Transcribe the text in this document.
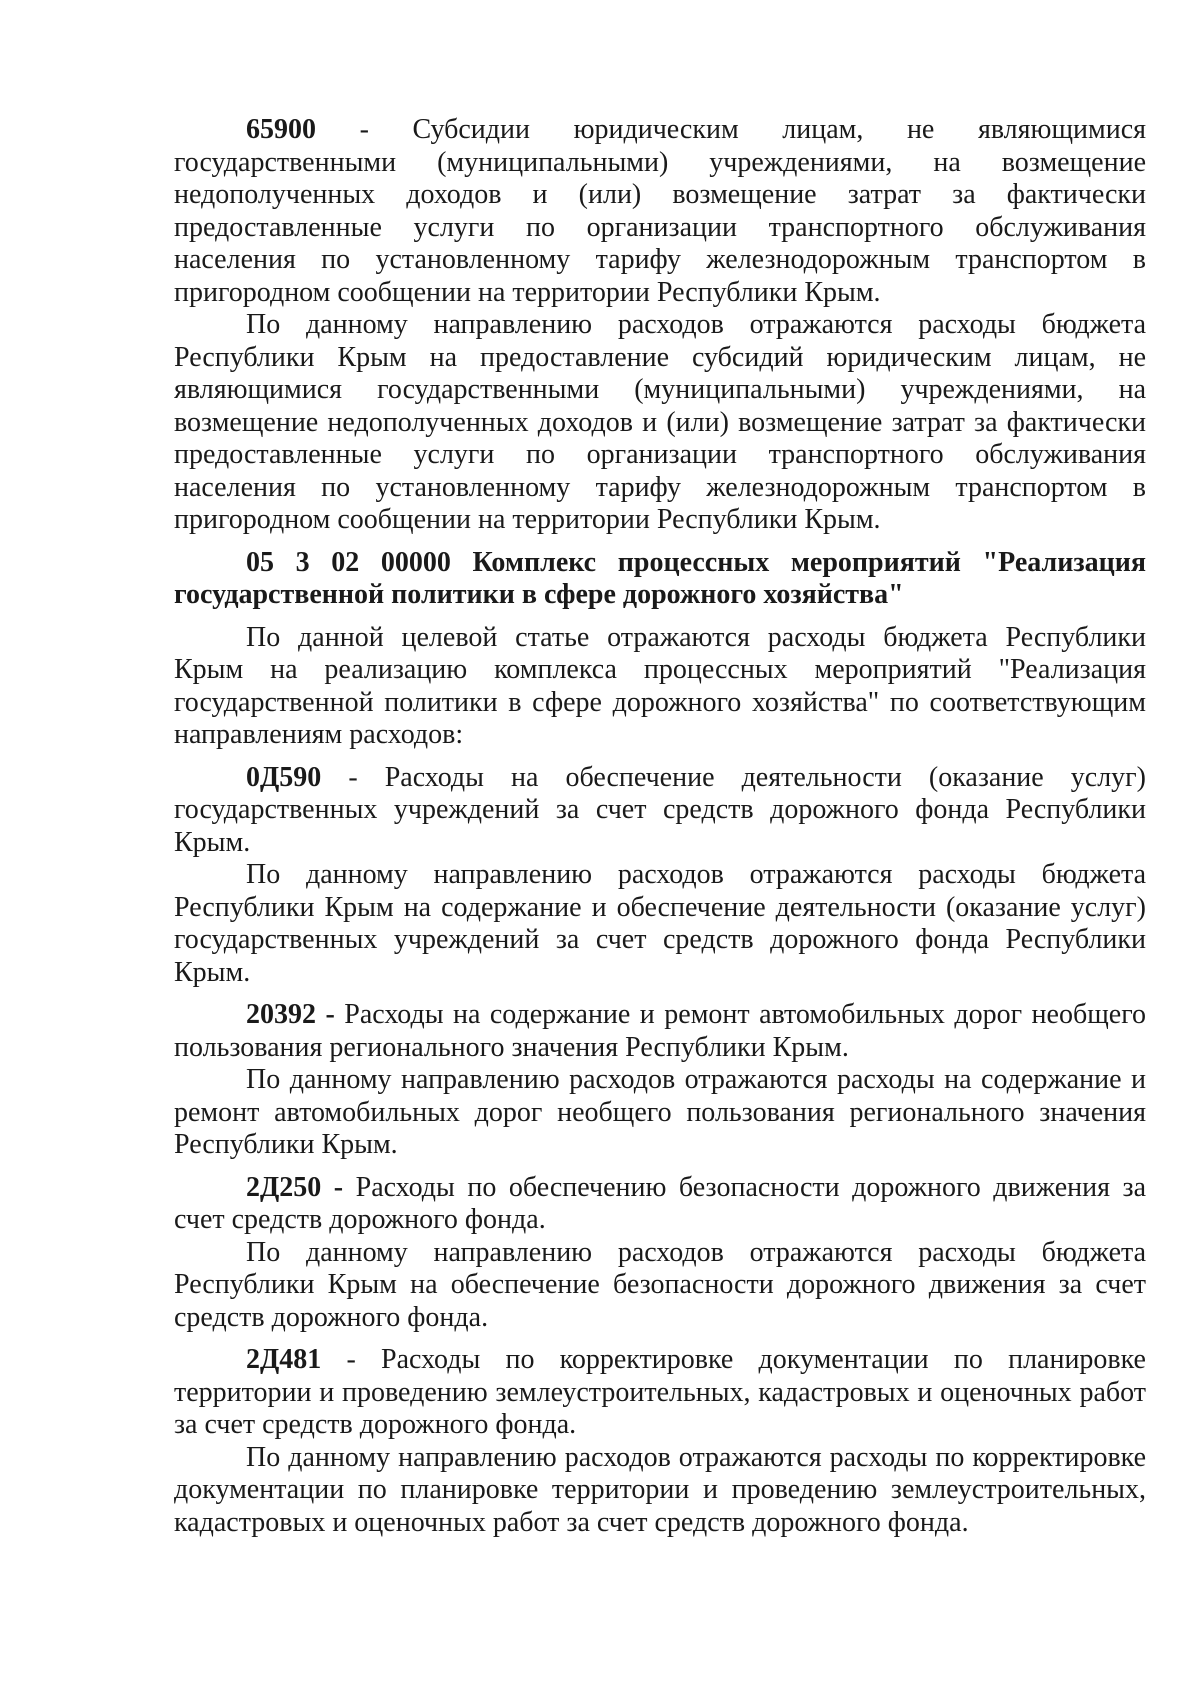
65900 - Субсидии юридическим лицам, не являющимися государственными (муниципальными) учреждениями, на возмещение недополученных доходов и (или) возмещение затрат за фактически предоставленные услуги по организации транспортного обслуживания населения по установленному тарифу железнодорожным транспортом в пригородном сообщении на территории Республики Крым.

По данному направлению расходов отражаются расходы бюджета Республики Крым на предоставление субсидий юридическим лицам, не являющимися государственными (муниципальными) учреждениями, на возмещение недополученных доходов и (или) возмещение затрат за фактически предоставленные услуги по организации транспортного обслуживания населения по установленному тарифу железнодорожным транспортом в пригородном сообщении на территории Республики Крым.

05 3 02 00000 Комплекс процессных мероприятий "Реализация государственной политики в сфере дорожного хозяйства"

По данной целевой статье отражаются расходы бюджета Республики Крым на реализацию комплекса процессных мероприятий "Реализация государственной политики в сфере дорожного хозяйства" по соответствующим направлениям расходов:

0Д590 - Расходы на обеспечение деятельности (оказание услуг) государственных учреждений за счет средств дорожного фонда Республики Крым.

По данному направлению расходов отражаются расходы бюджета Республики Крым на содержание и обеспечение деятельности (оказание услуг) государственных учреждений за счет средств дорожного фонда Республики Крым.

20392 - Расходы на содержание и ремонт автомобильных дорог необщего пользования регионального значения Республики Крым.

По данному направлению расходов отражаются расходы на содержание и ремонт автомобильных дорог необщего пользования регионального значения Республики Крым.

2Д250 - Расходы по обеспечению безопасности дорожного движения за счет средств дорожного фонда.

По данному направлению расходов отражаются расходы бюджета Республики Крым на обеспечение безопасности дорожного движения за счет средств дорожного фонда.

2Д481 - Расходы по корректировке документации по планировке территории и проведению землеустроительных, кадастровых и оценочных работ за счет средств дорожного фонда.

По данному направлению расходов отражаются расходы по корректировке документации по планировке территории и проведению землеустроительных, кадастровых и оценочных работ за счет средств дорожного фонда.
